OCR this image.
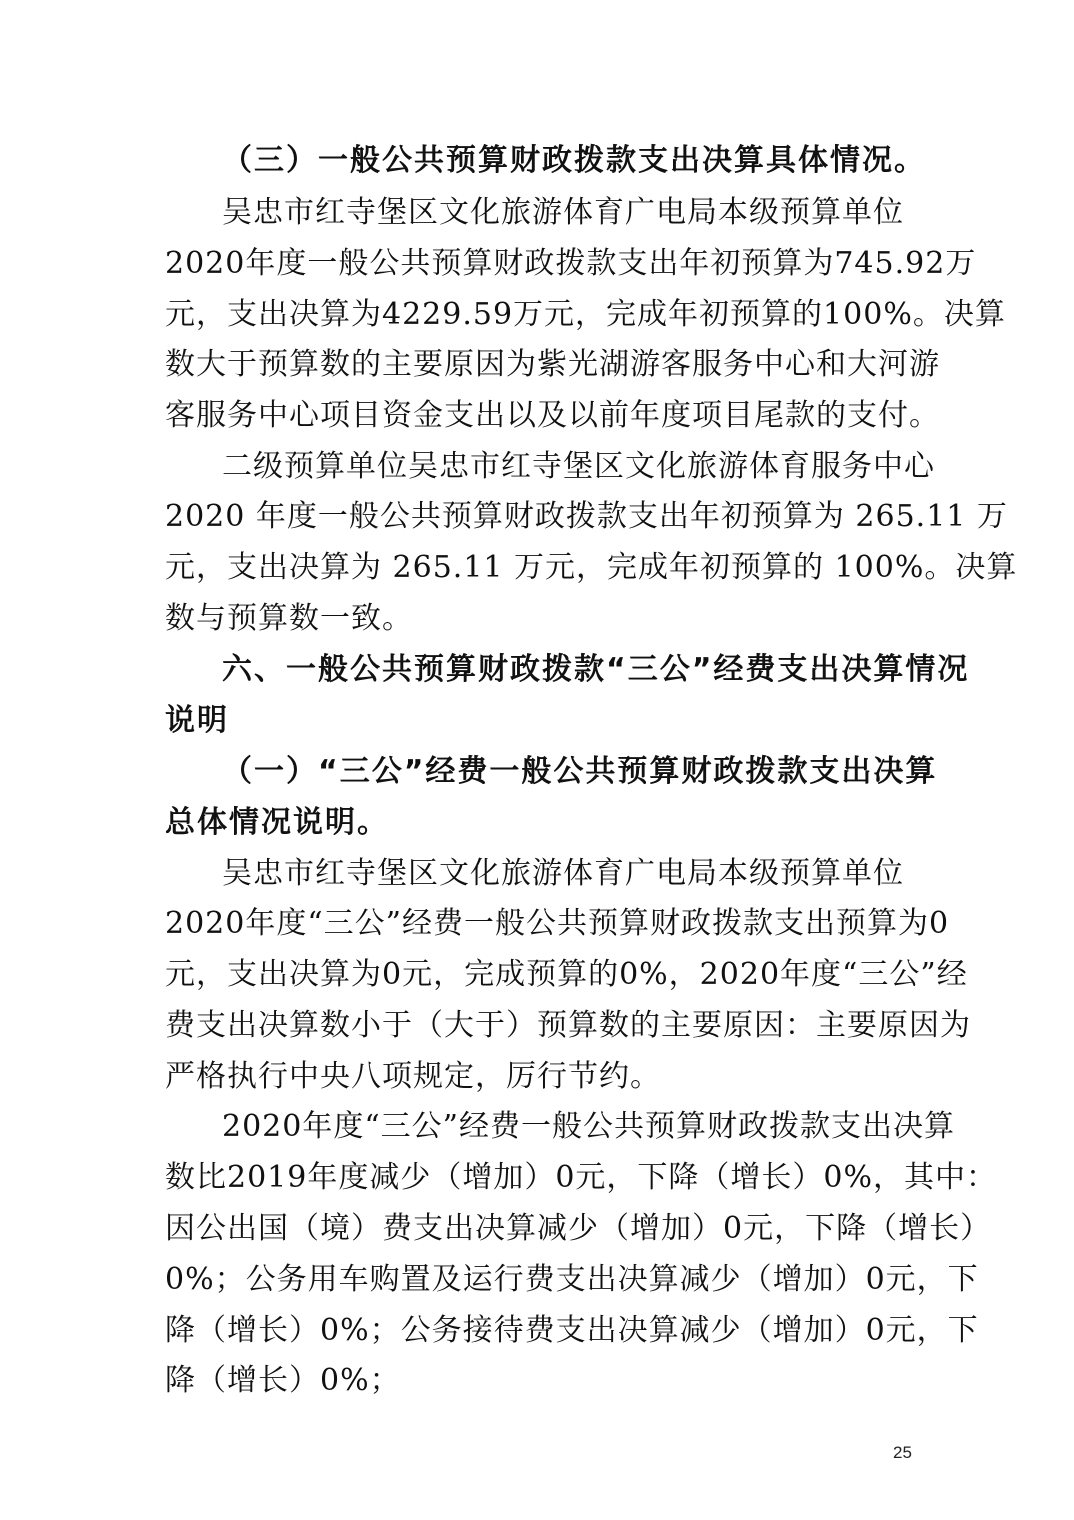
（三）一般公共预算财政拨款支出决算具体情况。
吴忠市红寺堡区文化旅游体育广电局本级预算单位
2020年度一般公共预算财政拨款支出年初预算为745.92万
元，支出决算为4229.59万元，完成年初预算的100%。决算
数大于预算数的主要原因为紫光湖游客服务中心和大河游
客服务中心项目资金支出以及以前年度项目尾款的支付。
二级预算单位吴忠市红寺堡区文化旅游体育服务中心
2020 年度一般公共预算财政拨款支出年初预算为 265.11 万
元，支出决算为 265.11 万元，完成年初预算的 100%。决算
数与预算数一致。
六、一般公共预算财政拨款“三公”经费支出决算情况
说明
（一）“三公”经费一般公共预算财政拨款支出决算
总体情况说明。
吴忠市红寺堡区文化旅游体育广电局本级预算单位
2020年度“三公”经费一般公共预算财政拨款支出预算为0
元，支出决算为0元，完成预算的0%，2020年度“三公”经
费支出决算数小于（大于）预算数的主要原因：主要原因为
严格执行中央八项规定，厉行节约。
2020年度“三公”经费一般公共预算财政拨款支出决算
数比2019年度减少（增加）0元，下降（增长）0%，其中：
因公出国（境）费支出决算减少（增加）0元，下降（增长）
0%；公务用车购置及运行费支出决算减少（增加）0元，下
降（增长）0%；公务接待费支出决算减少（增加）0元，下
降（增长）0%；
25
